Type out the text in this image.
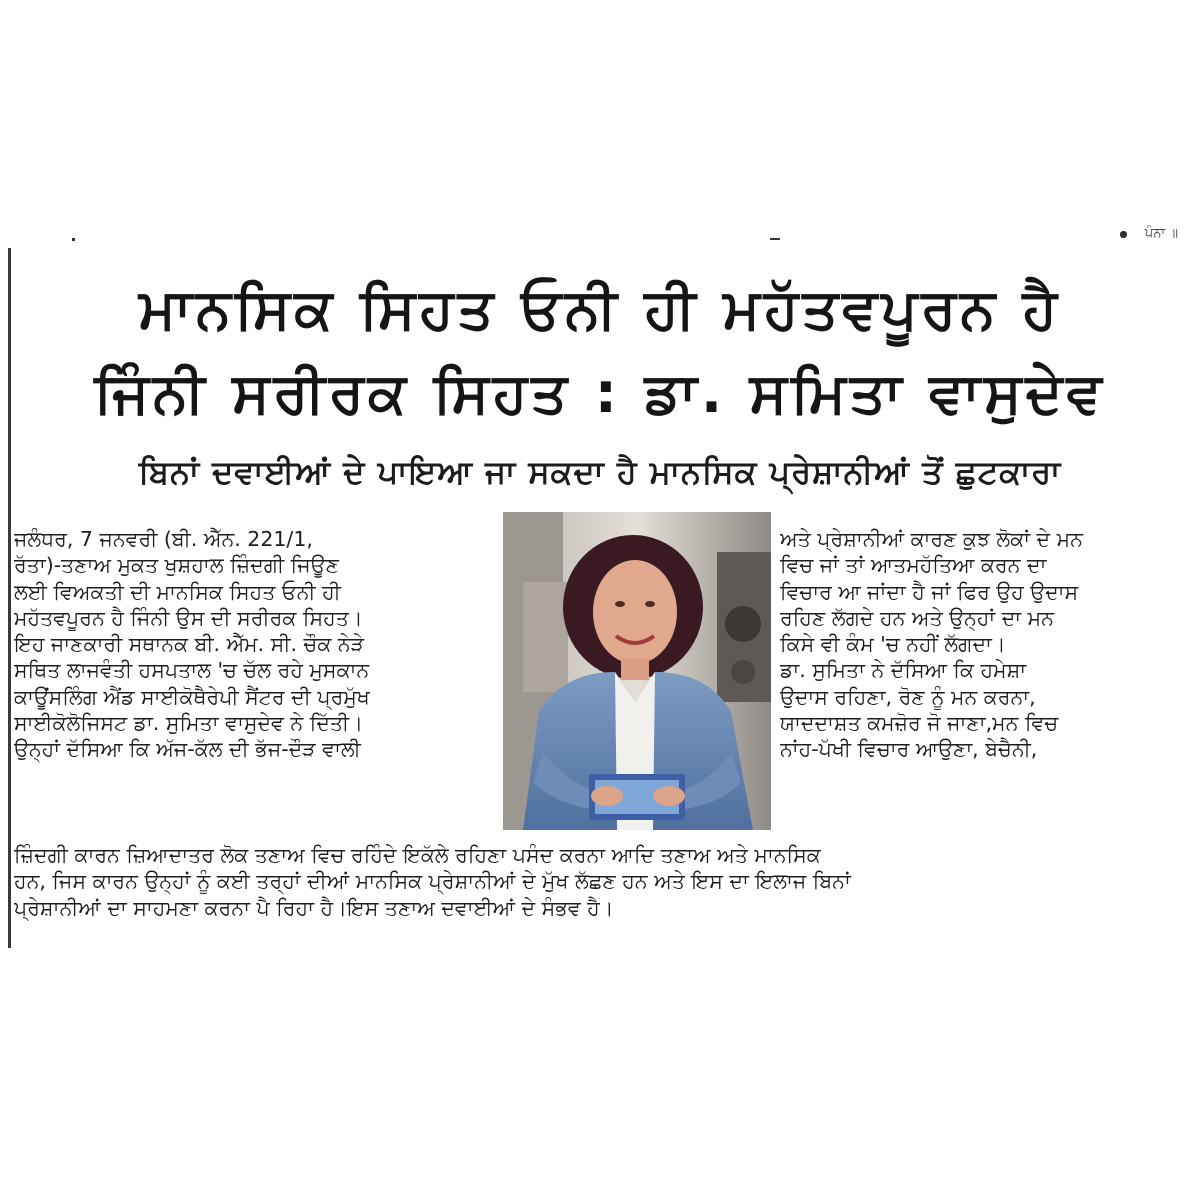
ਪੰਨਾ ॥
ਮਾਨਸਿਕ ਸਿਹਤ ਓਨੀ ਹੀ ਮਹੱਤਵਪੂਰਨ ਹੈ
ਜਿੰਨੀ ਸਰੀਰਕ ਸਿਹਤ : ਡਾ. ਸਮਿਤਾ ਵਾਸੁਦੇਵ
ਬਿਨਾਂ ਦਵਾਈਆਂ ਦੇ ਪਾਇਆ ਜਾ ਸਕਦਾ ਹੈ ਮਾਨਸਿਕ ਪ੍ਰੇਸ਼ਾਨੀਆਂ ਤੋਂ ਛੁਟਕਾਰਾ
ਜਲੰਧਰ, 7 ਜਨਵਰੀ (ਬੀ. ਐੱਨ. 221/1,
ਰੱਤਾ)-ਤਣਾਅ ਮੁਕਤ ਖੁਸ਼ਹਾਲ ਜ਼ਿੰਦਗੀ ਜਿਊਣ
ਲਈ ਵਿਅਕਤੀ ਦੀ ਮਾਨਸਿਕ ਸਿਹਤ ਓਨੀ ਹੀ
ਮਹੱਤਵਪੂਰਨ ਹੈ ਜਿੰਨੀ ਉਸ ਦੀ ਸਰੀਰਕ ਸਿਹਤ।
ਇਹ ਜਾਣਕਾਰੀ ਸਥਾਨਕ ਬੀ. ਐੱਮ. ਸੀ. ਚੌਕ ਨੇੜੇ
ਸਥਿਤ ਲਾਜਵੰਤੀ ਹਸਪਤਾਲ 'ਚ ਚੱਲ ਰਹੇ ਮੁਸਕਾਨ
ਕਾਊਂਸਲਿੰਗ ਐਂਡ ਸਾਈਕੋਥੈਰੇਪੀ ਸੈਂਟਰ ਦੀ ਪ੍ਰਮੁੱਖ
ਸਾਈਕੋਲੋਜਿਸਟ ਡਾ. ਸੁਮਿਤਾ ਵਾਸੁਦੇਵ ਨੇ ਦਿੱਤੀ।
ਉਨ੍ਹਾਂ ਦੱਸਿਆ ਕਿ ਅੱਜ-ਕੱਲ ਦੀ ਭੱਜ-ਦੌੜ ਵਾਲੀ
ਅਤੇ ਪ੍ਰੇਸ਼ਾਨੀਆਂ ਕਾਰਣ ਕੁਝ ਲੋਕਾਂ ਦੇ ਮਨ
ਵਿਚ ਜਾਂ ਤਾਂ ਆਤਮਹੱਤਿਆ ਕਰਨ ਦਾ
ਵਿਚਾਰ ਆ ਜਾਂਦਾ ਹੈ ਜਾਂ ਫਿਰ ਉਹ ਉਦਾਸ
ਰਹਿਣ ਲੱਗਦੇ ਹਨ ਅਤੇ ਉਨ੍ਹਾਂ ਦਾ ਮਨ
ਕਿਸੇ ਵੀ ਕੰਮ 'ਚ ਨਹੀਂ ਲੱਗਦਾ।
ਡਾ. ਸੁਮਿਤਾ ਨੇ ਦੱਸਿਆ ਕਿ ਹਮੇਸ਼ਾ
ਉਦਾਸ ਰਹਿਣਾ, ਰੋਣ ਨੂੰ ਮਨ ਕਰਨਾ,
ਯਾਦਦਾਸ਼ਤ ਕਮਜ਼ੋਰ ਜੋ ਜਾਣਾ,ਮਨ ਵਿਚ
ਨਾਂਹ-ਪੱਖੀ ਵਿਚਾਰ ਆਉਣਾ, ਬੇਚੈਨੀ,
ਜ਼ਿੰਦਗੀ ਕਾਰਨ ਜ਼ਿਆਦਾਤਰ ਲੋਕ ਤਣਾਅ ਵਿਚ ਰਹਿੰਦੇ ਇਕੱਲੇ ਰਹਿਣਾ ਪਸੰਦ ਕਰਨਾ ਆਦਿ ਤਣਾਅ ਅਤੇ ਮਾਨਸਿਕ
ਹਨ, ਜਿਸ ਕਾਰਨ ਉਨ੍ਹਾਂ ਨੂੰ ਕਈ ਤਰ੍ਹਾਂ ਦੀਆਂ ਮਾਨਸਿਕ ਪ੍ਰੇਸ਼ਾਨੀਆਂ ਦੇ ਮੁੱਖ ਲੱਛਣ ਹਨ ਅਤੇ ਇਸ ਦਾ ਇਲਾਜ ਬਿਨਾਂ
ਪ੍ਰੇਸ਼ਾਨੀਆਂ ਦਾ ਸਾਹਮਣਾ ਕਰਨਾ ਪੈ ਰਿਹਾ ਹੈ।ਇਸ ਤਣਾਅ ਦਵਾਈਆਂ ਦੇ ਸੰਭਵ ਹੈ।
